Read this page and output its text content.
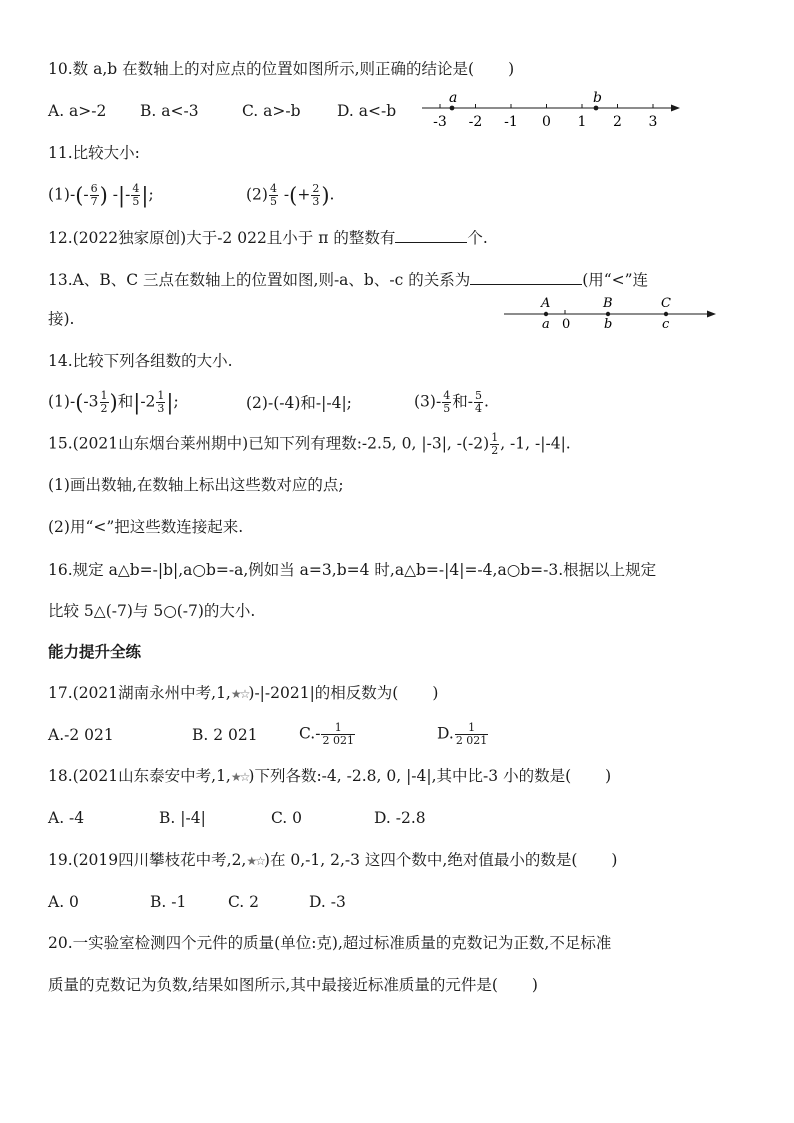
10.数 a,b 在数轴上的对应点的位置如图所示,则正确的结论是( )
A. a>-2 B. a<-3	C. a>-b D. a<-b
-3 -2 -1 0 1 2 3
a	b
11.比较大小:
$(1)-(- \frac{6}{7}$ ) -|- $\frac{4}{5}$ |;	$(2) \frac{4}{5}$ -(+ $\frac{2}{3}$ ).
12.(2022独家原创)大于-2 022且小于 π 的整数有	个.
13.A、B、C 三点在数轴上的位置如图,则-a、b、-c 的关系为	(用“<”连
接).
A
a 0
B
b
C
c
14.比较下列各组数的大小.
$(1)-(-3 \frac{1}{2}$ )和$|-2 \frac{1}{3}$ |;	(2)-(-4)和-|-4|;	$(3)- \frac{4}{5}$ 和- $\frac{5}{4}$ .
15.(2021山东烟台莱州期中)已知下列有理数:-2.5, 0, |-3|, $-(-2) \frac{1}{2}$ , -1, -|-4|.
(1)画出数轴,在数轴上标出这些数对应的点;
(2)用“<”把这些数连接起来.
16.规定 a△b=-|b|,a○b=-a,例如当 a=3,b=4 时,a△b=-|4|=-4,a○b=-3.根据以上规定
比较 5△(-7)与 5○(-7)的大小.
能力提升全练
17.(2021湖南永州中考,1,★☆)-|-2021|的相反数为( )
A.-2 021	B. 2 021	$C.- \frac{1}{2 021}$	D. $\frac{1}{2 021}$
18.(2021山东泰安中考,1,★☆)下列各数:-4, -2.8, 0, |-4|,其中比-3 小的数是( )
A. -4	B. |-4|	C. 0	D. -2.8
19.(2019四川攀枝花中考,2,★☆)在 0,-1, 2,-3 这四个数中,绝对值最小的数是( )
A. 0	B. -1	C. 2	D. -3
20.一实验室检测四个元件的质量(单位:克),超过标准质量的克数记为正数,不足标准
质量的克数记为负数,结果如图所示,其中最接近标准质量的元件是( )
